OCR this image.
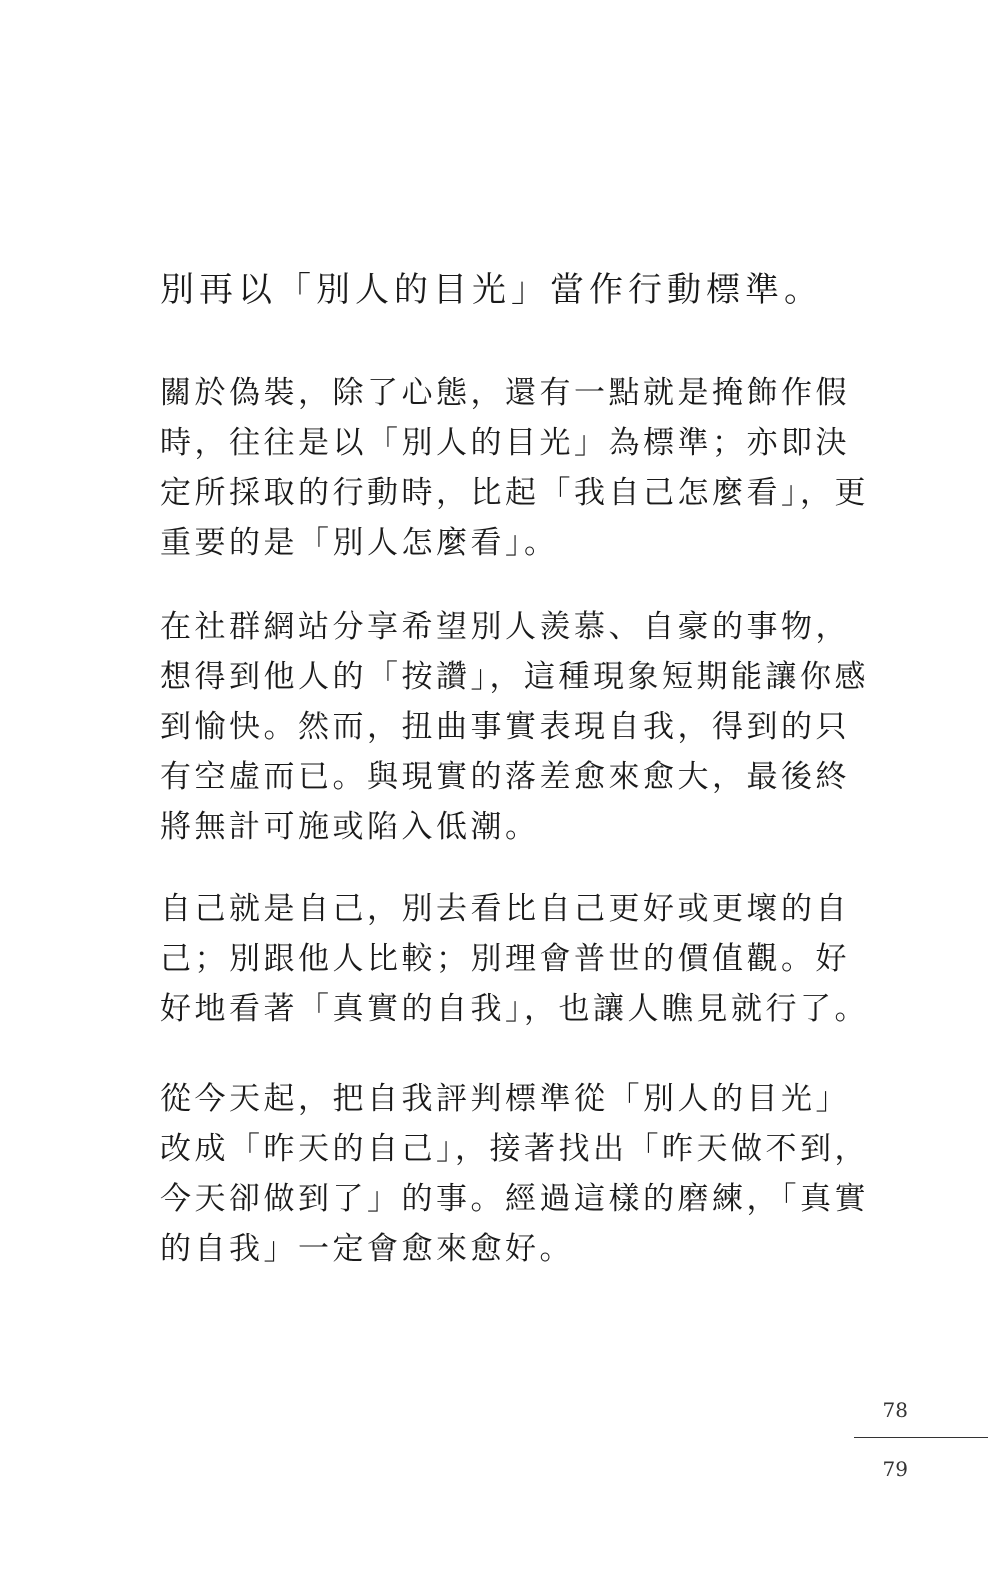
別再以「別人的目光」當作行動標準。
關於偽裝，除了心態，還有一點就是掩飾作假
時，往往是以「別人的目光」為標準；亦即決
定所採取的行動時，比起「我自己怎麼看」，更
重要的是「別人怎麼看」。
在社群網站分享希望別人羨慕、自豪的事物，
想得到他人的「按讚」，這種現象短期能讓你感
到愉快。然而，扭曲事實表現自我，得到的只
有空虛而已。與現實的落差愈來愈大，最後終
將無計可施或陷入低潮。
自己就是自己，別去看比自己更好或更壞的自
己；別跟他人比較；別理會普世的價值觀。好
好地看著「真實的自我」，也讓人瞧見就行了。
從今天起，把自我評判標準從「別人的目光」
改成「昨天的自己」，接著找出「昨天做不到，
今天卻做到了」的事。經過這樣的磨練，「真實
的自我」一定會愈來愈好。
78
79
